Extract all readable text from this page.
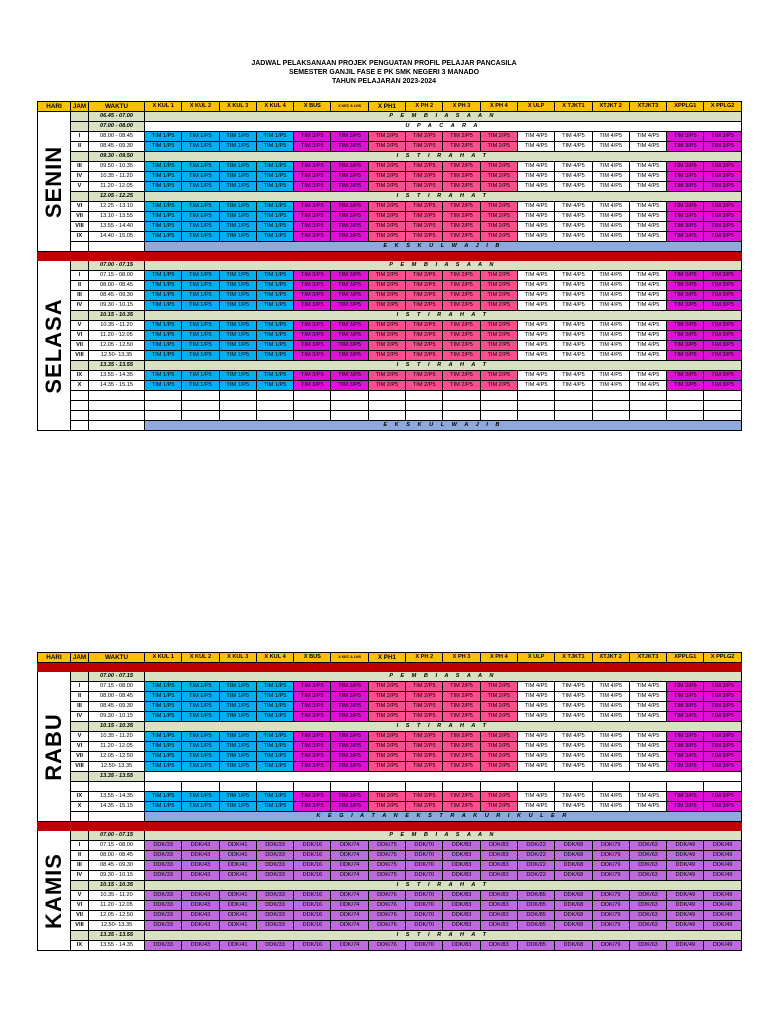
JADWAL PELAKSANAAN PROJEK PENGUATAN PROFIL PELAJAR PANCASILA
SEMESTER GANJIL FASE E PK SMK NEGERI 3 MANADO
TAHUN PELAJARAN 2023-2024
HARI	JAM	WAKTU	X KUL 1	X KUL 2	X KUL 3	X KUL 4	X BUS	X KEC & LHS	X PH1	X PH 2	X PH 3	X PH 4	X ULP	X TJKT1	XTJKT 2	XTJKT3	XPPLG1	X PPLG2

SENIN		06.45 - 07.00	P E M B I A S A A N															
		07.00 - 08.00	U P A C A R A															
	I	08.00 - 08.45	TIM 1/P5	TIM 1/P5	TIM 1/P5	TIM 1/P5	TIM 3/P5	TIM 3/P5	TIM 2/P5	TIM 2/P5	TIM 2/P5	TIM 2/P5	TIM 4/P5	TIM 4/P5	TIM 4/P5	TIM 4/P5	TIM 3/P5	TIM 3/P5
	II	08.45 - 09.30	TIM 1/P5	TIM 1/P5	TIM 1/P5	TIM 1/P5	TIM 3/P5	TIM 3/P5	TIM 2/P5	TIM 2/P5	TIM 2/P5	TIM 2/P5	TIM 4/P5	TIM 4/P5	TIM 4/P5	TIM 4/P5	TIM 3/P5	TIM 3/P5
		09.30 - 09.50	I S T I R A H A T															
	III	09.50 - 10.35	TIM 1/P5	TIM 1/P5	TIM 1/P5	TIM 1/P5	TIM 3/P5	TIM 3/P5	TIM 2/P5	TIM 2/P5	TIM 2/P5	TIM 2/P5	TIM 4/P5	TIM 4/P5	TIM 4/P5	TIM 4/P5	TIM 3/P5	TIM 3/P5
	IV	10.35 - 11.20	TIM 1/P5	TIM 1/P5	TIM 1/P5	TIM 1/P5	TIM 3/P5	TIM 3/P5	TIM 2/P5	TIM 2/P5	TIM 2/P5	TIM 2/P5	TIM 4/P5	TIM 4/P5	TIM 4/P5	TIM 4/P5	TIM 3/P5	TIM 3/P5
	V	11.20 - 12.05	TIM 1/P5	TIM 1/P5	TIM 1/P5	TIM 1/P5	TIM 3/P5	TIM 3/P5	TIM 2/P5	TIM 2/P5	TIM 2/P5	TIM 2/P5	TIM 4/P5	TIM 4/P5	TIM 4/P5	TIM 4/P5	TIM 3/P5	TIM 3/P5
		12.05 - 12.25	I S T I R A H A T															
	VI	12.25 - 13.10	TIM 1/P5	TIM 1/P5	TIM 1/P5	TIM 1/P5	TIM 3/P5	TIM 3/P5	TIM 2/P5	TIM 2/P5	TIM 2/P5	TIM 2/P5	TIM 4/P5	TIM 4/P5	TIM 4/P5	TIM 4/P5	TIM 3/P5	TIM 3/P5
	VII	13.10 - 13.55	TIM 1/P5	TIM 1/P5	TIM 1/P5	TIM 1/P5	TIM 3/P5	TIM 3/P5	TIM 2/P5	TIM 2/P5	TIM 2/P5	TIM 2/P5	TIM 4/P5	TIM 4/P5	TIM 4/P5	TIM 4/P5	TIM 3/P5	TIM 3/P5
	VIII	13.55 - 14.40	TIM 1/P5	TIM 1/P5	TIM 1/P5	TIM 1/P5	TIM 3/P5	TIM 3/P5	TIM 2/P5	TIM 2/P5	TIM 2/P5	TIM 2/P5	TIM 4/P5	TIM 4/P5	TIM 4/P5	TIM 4/P5	TIM 3/P5	TIM 3/P5
	IX	14.40 - 15.05	TIM 1/P5	TIM 1/P5	TIM 1/P5	TIM 1/P5	TIM 3/P5	TIM 3/P5	TIM 2/P5	TIM 2/P5	TIM 2/P5	TIM 2/P5	TIM 4/P5	TIM 4/P5	TIM 4/P5	TIM 4/P5	TIM 3/P5	TIM 3/P5
			E K S K U L W A J I B															

SELASA		07.00 - 07.15	P E M B I A S A A N															
	I	07.15 - 08.00	TIM 1/P5	TIM 1/P5	TIM 1/P5	TIM 1/P5	TIM 3/P5	TIM 3/P5	TIM 2/P5	TIM 2/P5	TIM 2/P5	TIM 2/P5	TIM 4/P5	TIM 4/P5	TIM 4/P5	TIM 4/P5	TIM 3/P5	TIM 3/P5
	II	08.00 - 08.45	TIM 1/P5	TIM 1/P5	TIM 1/P5	TIM 1/P5	TIM 3/P5	TIM 3/P5	TIM 2/P5	TIM 2/P5	TIM 2/P5	TIM 2/P5	TIM 4/P5	TIM 4/P5	TIM 4/P5	TIM 4/P5	TIM 3/P5	TIM 3/P5
	III	08.45 - 09.30	TIM 1/P5	TIM 1/P5	TIM 1/P5	TIM 1/P5	TIM 3/P5	TIM 3/P5	TIM 2/P5	TIM 2/P5	TIM 2/P5	TIM 2/P5	TIM 4/P5	TIM 4/P5	TIM 4/P5	TIM 4/P5	TIM 3/P5	TIM 3/P5
	IV	09.30 - 10.15	TIM 1/P5	TIM 1/P5	TIM 1/P5	TIM 1/P5	TIM 3/P5	TIM 3/P5	TIM 2/P5	TIM 2/P5	TIM 2/P5	TIM 2/P5	TIM 4/P5	TIM 4/P5	TIM 4/P5	TIM 4/P5	TIM 3/P5	TIM 3/P5
		10.15 - 10.35	I S T I R A H A T															
	V	10.35 - 11.20	TIM 1/P5	TIM 1/P5	TIM 1/P5	TIM 1/P5	TIM 3/P5	TIM 3/P5	TIM 2/P5	TIM 2/P5	TIM 2/P5	TIM 2/P5	TIM 4/P5	TIM 4/P5	TIM 4/P5	TIM 4/P5	TIM 3/P5	TIM 3/P5
	VI	11.20 - 12.05	TIM 1/P5	TIM 1/P5	TIM 1/P5	TIM 1/P5	TIM 3/P5	TIM 3/P5	TIM 2/P5	TIM 2/P5	TIM 2/P5	TIM 2/P5	TIM 4/P5	TIM 4/P5	TIM 4/P5	TIM 4/P5	TIM 3/P5	TIM 3/P5
	VII	12.05 - 12.50	TIM 1/P5	TIM 1/P5	TIM 1/P5	TIM 1/P5	TIM 3/P5	TIM 3/P5	TIM 2/P5	TIM 2/P5	TIM 2/P5	TIM 2/P5	TIM 4/P5	TIM 4/P5	TIM 4/P5	TIM 4/P5	TIM 3/P5	TIM 3/P5
	VIII	12.50- 13.35	TIM 1/P5	TIM 1/P5	TIM 1/P5	TIM 1/P5	TIM 3/P5	TIM 3/P5	TIM 2/P5	TIM 2/P5	TIM 2/P5	TIM 2/P5	TIM 4/P5	TIM 4/P5	TIM 4/P5	TIM 4/P5	TIM 3/P5	TIM 3/P5
		13.35 - 13.55	I S T I R A H A T															
	IX	13.55 - 14.35	TIM 1/P5	TIM 1/P5	TIM 1/P5	TIM 1/P5	TIM 3/P5	TIM 3/P5	TIM 2/P5	TIM 2/P5	TIM 2/P5	TIM 2/P5	TIM 4/P5	TIM 4/P5	TIM 4/P5	TIM 4/P5	TIM 3/P5	TIM 3/P5
	X	14.35 - 15.15	TIM 1/P5	TIM 1/P5	TIM 1/P5	TIM 1/P5	TIM 3/P5	TIM 3/P5	TIM 2/P5	TIM 2/P5	TIM 2/P5	TIM 2/P5	TIM 4/P5	TIM 4/P5	TIM 4/P5	TIM 4/P5	TIM 3/P5	TIM 3/P5

			E K S K U L W A J I B															
HARI	JAM	WAKTU	X KUL 1	X KUL 2	X KUL 3	X KUL 4	X BUS	X KEC & LHS	X PH1	X PH 2	X PH 3	X PH 4	X ULP	X TJKT1	XTJKT 2	XTJKT3	XPPLG1	X PPLG2

RABU		07.00 - 07.15	P E M B I A S A A N															
	I	07.15 - 08.00	TIM 1/P5	TIM 1/P5	TIM 1/P5	TIM 1/P5	TIM 3/P5	TIM 3/P5	TIM 2/P5	TIM 2/P5	TIM 2/P5	TIM 2/P5	TIM 4/P5	TIM 4/P5	TIM 4/P5	TIM 4/P5	TIM 3/P5	TIM 3/P5
	II	08.00 - 08.45	TIM 1/P5	TIM 1/P5	TIM 1/P5	TIM 1/P5	TIM 3/P5	TIM 3/P5	TIM 2/P5	TIM 2/P5	TIM 2/P5	TIM 2/P5	TIM 4/P5	TIM 4/P5	TIM 4/P5	TIM 4/P5	TIM 3/P5	TIM 3/P5
	III	08.45 - 09.30	TIM 1/P5	TIM 1/P5	TIM 1/P5	TIM 1/P5	TIM 3/P5	TIM 3/P5	TIM 2/P5	TIM 2/P5	TIM 2/P5	TIM 2/P5	TIM 4/P5	TIM 4/P5	TIM 4/P5	TIM 4/P5	TIM 3/P5	TIM 3/P5
	IV	09.30 - 10.15	TIM 1/P5	TIM 1/P5	TIM 1/P5	TIM 1/P5	TIM 3/P5	TIM 3/P5	TIM 2/P5	TIM 2/P5	TIM 2/P5	TIM 2/P5	TIM 4/P5	TIM 4/P5	TIM 4/P5	TIM 4/P5	TIM 3/P5	TIM 3/P5
		10.15 - 10.35	I S T I R A H A T															
	V	10.35 - 11.20	TIM 1/P5	TIM 1/P5	TIM 1/P5	TIM 1/P5	TIM 3/P5	TIM 3/P5	TIM 2/P5	TIM 2/P5	TIM 2/P5	TIM 2/P5	TIM 4/P5	TIM 4/P5	TIM 4/P5	TIM 4/P5	TIM 3/P5	TIM 3/P5
	VI	11.20 - 12.05	TIM 1/P5	TIM 1/P5	TIM 1/P5	TIM 1/P5	TIM 3/P5	TIM 3/P5	TIM 2/P5	TIM 2/P5	TIM 2/P5	TIM 2/P5	TIM 4/P5	TIM 4/P5	TIM 4/P5	TIM 4/P5	TIM 3/P5	TIM 3/P5
	VII	12.05 - 12.50	TIM 1/P5	TIM 1/P5	TIM 1/P5	TIM 1/P5	TIM 3/P5	TIM 3/P5	TIM 2/P5	TIM 2/P5	TIM 2/P5	TIM 2/P5	TIM 4/P5	TIM 4/P5	TIM 4/P5	TIM 4/P5	TIM 3/P5	TIM 3/P5
	VIII	12.50- 13.35	TIM 1/P5	TIM 1/P5	TIM 1/P5	TIM 1/P5	TIM 3/P5	TIM 3/P5	TIM 2/P5	TIM 2/P5	TIM 2/P5	TIM 2/P5	TIM 4/P5	TIM 4/P5	TIM 4/P5	TIM 4/P5	TIM 3/P5	TIM 3/P5
		13.35 - 13.55																

	IX	13.55 - 14.35	TIM 1/P5	TIM 1/P5	TIM 1/P5	TIM 1/P5	TIM 3/P5	TIM 3/P5	TIM 2/P5	TIM 2/P5	TIM 2/P5	TIM 2/P5	TIM 4/P5	TIM 4/P5	TIM 4/P5	TIM 4/P5	TIM 3/P5	TIM 3/P5
	X	14.35 - 15.15	TIM 1/P5	TIM 1/P5	TIM 1/P5	TIM 1/P5	TIM 3/P5	TIM 3/P5	TIM 2/P5	TIM 2/P5	TIM 2/P5	TIM 2/P5	TIM 4/P5	TIM 4/P5	TIM 4/P5	TIM 4/P5	TIM 3/P5	TIM 3/P5
			K E G I A T A N E K S T R A K U R I K U L E R															

KAMIS		07.00 - 07.15	P E M B I A S A A N															
	I	07.15 - 08.00	DDK/33	DDK/43	DDK/41	DDK/33	DDK/16	DDK/74	DDK/75	DDK/70	DDK/83	DDK/83	DDK/22	DDK/68	DDK/79	DDK/63	DDK/49	DDK/49
	II	08.00 - 08.45	DDK/33	DDK/43	DDK/41	DDK/33	DDK/16	DDK/74	DDK/75	DDK/70	DDK/83	DDK/83	DDK/22	DDK/68	DDK/79	DDK/63	DDK/49	DDK/49
	III	08.45 - 09.30	DDK/33	DDK/43	DDK/41	DDK/33	DDK/16	DDK/74	DDK/75	DDK/70	DDK/83	DDK/83	DDK/22	DDK/68	DDK/79	DDK/63	DDK/49	DDK/49
	IV	09.30 - 10.15	DDK/33	DDK/43	DDK/41	DDK/33	DDK/16	DDK/74	DDK/75	DDK/70	DDK/83	DDK/83	DDK/22	DDK/68	DDK/79	DDK/63	DDK/49	DDK/49
		10.15 - 10.35	I S T I R A H A T															
	V	10.35 - 11.20	DDK/33	DDK/43	DDK/41	DDK/33	DDK/16	DDK/74	DDK/76	DDK/70	DDK/83	DDK/83	DDK/85	DDK/68	DDK/79	DDK/63	DDK/49	DDK/49
	VI	11.20 - 12.05	DDK/33	DDK/43	DDK/41	DDK/33	DDK/16	DDK/74	DDK/76	DDK/70	DDK/83	DDK/83	DDK/85	DDK/68	DDK/79	DDK/63	DDK/49	DDK/49
	VII	12.05 - 12.50	DDK/33	DDK/43	DDK/41	DDK/33	DDK/16	DDK/74	DDK/76	DDK/70	DDK/83	DDK/83	DDK/85	DDK/68	DDK/79	DDK/63	DDK/49	DDK/49
	VIII	12.50- 13.35	DDK/33	DDK/43	DDK/41	DDK/33	DDK/16	DDK/74	DDK/76	DDK/70	DDK/83	DDK/83	DDK/85	DDK/68	DDK/79	DDK/63	DDK/49	DDK/49
		13.35 - 13.55	I S T I R A H A T															
	IX	13.55 - 14.35	DDK/33	DDK/43	DDK/41	DDK/33	DDK/16	DDK/74	DDK/76	DDK/70	DDK/83	DDK/83	DDK/85	DDK/68	DDK/79	DDK/63	DDK/49	DDK/49
